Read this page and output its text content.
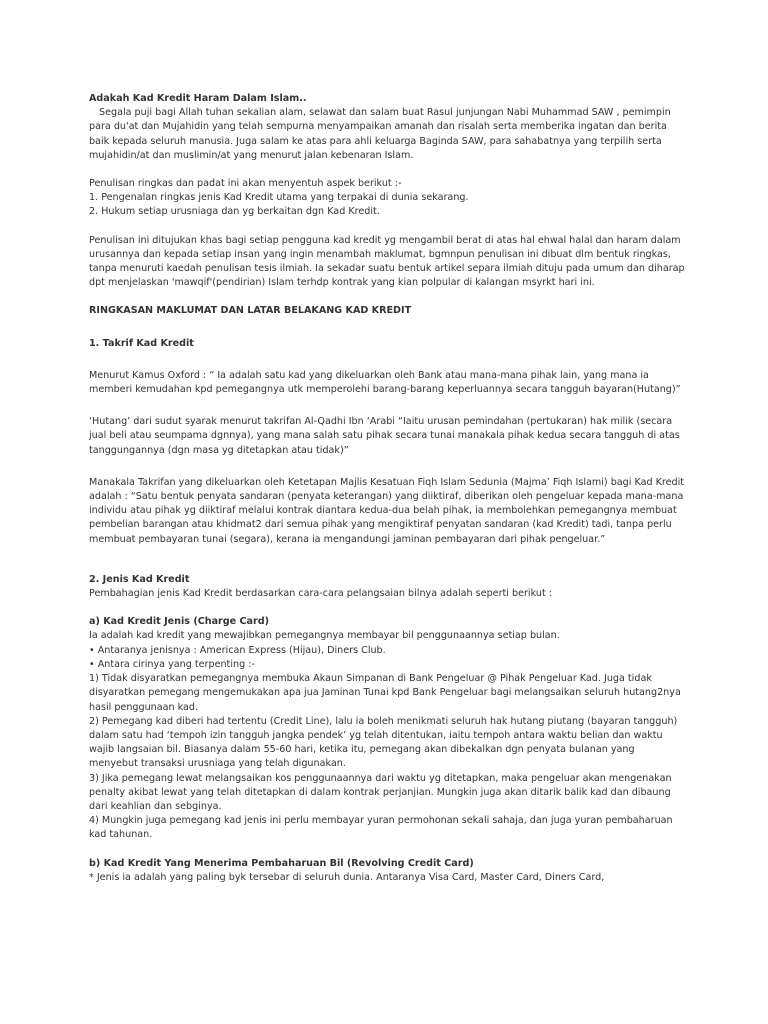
Adakah Kad Kredit Haram Dalam Islam..

Segala puji bagi Allah tuhan sekalian alam, selawat dan salam buat Rasul junjungan Nabi Muhammad SAW , pemimpin para du'at dan Mujahidin yang telah sempurna menyampaikan amanah dan risalah serta memberika ingatan dan berita baik kepada seluruh manusia. Juga salam ke atas para ahli keluarga Baginda SAW, para sahabatnya yang terpilih serta mujahidin/at dan muslimin/at yang menurut jalan kebenaran Islam.

Penulisan ringkas dan padat ini akan menyentuh aspek berikut :-

1. Pengenalan ringkas jenis Kad Kredit utama yang terpakai di dunia sekarang.

2. Hukum setiap urusniaga dan yg berkaitan dgn Kad Kredit.

Penulisan ini ditujukan khas bagi setiap pengguna kad kredit yg mengambil berat di atas hal ehwal halal dan haram dalam urusannya dan kepada setiap insan yang ingin menambah maklumat, bgmnpun penulisan ini dibuat dlm bentuk ringkas, tanpa menuruti kaedah penulisan tesis ilmiah. Ia sekadar suatu bentuk artikel separa ilmiah dituju pada umum dan diharap dpt menjelaskan 'mawqif'(pendirian) Islam terhdp kontrak yang kian polpular di kalangan msyrkt hari ini.

RINGKASAN MAKLUMAT DAN LATAR BELAKANG KAD KREDIT

1. Takrif Kad Kredit

Menurut Kamus Oxford : “ Ia adalah satu kad yang dikeluarkan oleh Bank atau mana-mana pihak lain, yang mana ia memberi kemudahan kpd pemegangnya utk memperolehi barang-barang keperluannya secara tangguh bayaran(Hutang)”

‘Hutang’ dari sudut syarak menurut takrifan Al-Qadhi Ibn ‘Arabi “Iaitu urusan pemindahan (pertukaran) hak milik (secara jual beli atau seumpama dgnnya), yang mana salah satu pihak secara tunai manakala pihak kedua secara tangguh di atas tanggungannya (dgn masa yg ditetapkan atau tidak)”

Manakala Takrifan yang dikeluarkan oleh Ketetapan Majlis Kesatuan Fiqh Islam Sedunia (Majma’ Fiqh Islami) bagi Kad Kredit adalah : “Satu bentuk penyata sandaran (penyata keterangan) yang diiktiraf, diberikan oleh pengeluar kepada mana-mana individu atau pihak yg diiktiraf melalui kontrak diantara kedua-dua belah pihak, ia membolehkan pemegangnya membuat pembelian barangan atau khidmat2 dari semua pihak yang mengiktiraf penyatan sandaran (kad Kredit) tadi, tanpa perlu membuat pembayaran tunai (segara), kerana ia mengandungi jaminan pembayaran dari pihak pengeluar.”

2. Jenis Kad Kredit

Pembahagian jenis Kad Kredit berdasarkan cara-cara pelangsaian bilnya adalah seperti berikut :

a) Kad Kredit Jenis (Charge Card)

Ia adalah kad kredit yang mewajibkan pemegangnya membayar bil penggunaannya setiap bulan.

• Antaranya jenisnya : American Express (Hijau), Diners Club.

• Antara cirinya yang terpenting :-

1) Tidak disyaratkan pemegangnya membuka Akaun Simpanan di Bank Pengeluar @ Pihak Pengeluar Kad. Juga tidak disyaratkan pemegang mengemukakan apa jua Jaminan Tunai kpd Bank Pengeluar bagi melangsaikan seluruh hutang2nya hasil penggunaan kad.

2) Pemegang kad diberi had tertentu (Credit Line), lalu ia boleh menikmati seluruh hak hutang piutang (bayaran tangguh) dalam satu had ‘tempoh izin tangguh jangka pendek’ yg telah ditentukan, iaitu tempoh antara waktu belian dan waktu wajib langsaian bil. Biasanya dalam 55-60 hari, ketika itu, pemegang akan dibekalkan dgn penyata bulanan yang menyebut transaksi urusniaga yang telah digunakan.

3) Jika pemegang lewat melangsaikan kos penggunaannya dari waktu yg ditetapkan, maka pengeluar akan mengenakan penalty akibat lewat yang telah ditetapkan di dalam kontrak perjanjian. Mungkin juga akan ditarik balik kad dan dibaung dari keahlian dan sebginya.

4) Mungkin juga pemegang kad jenis ini perlu membayar yuran permohonan sekali sahaja, dan juga yuran pembaharuan kad tahunan.

b) Kad Kredit Yang Menerima Pembaharuan Bil (Revolving Credit Card)

* Jenis ia adalah yang paling byk tersebar di seluruh dunia. Antaranya Visa Card, Master Card, Diners Card,
